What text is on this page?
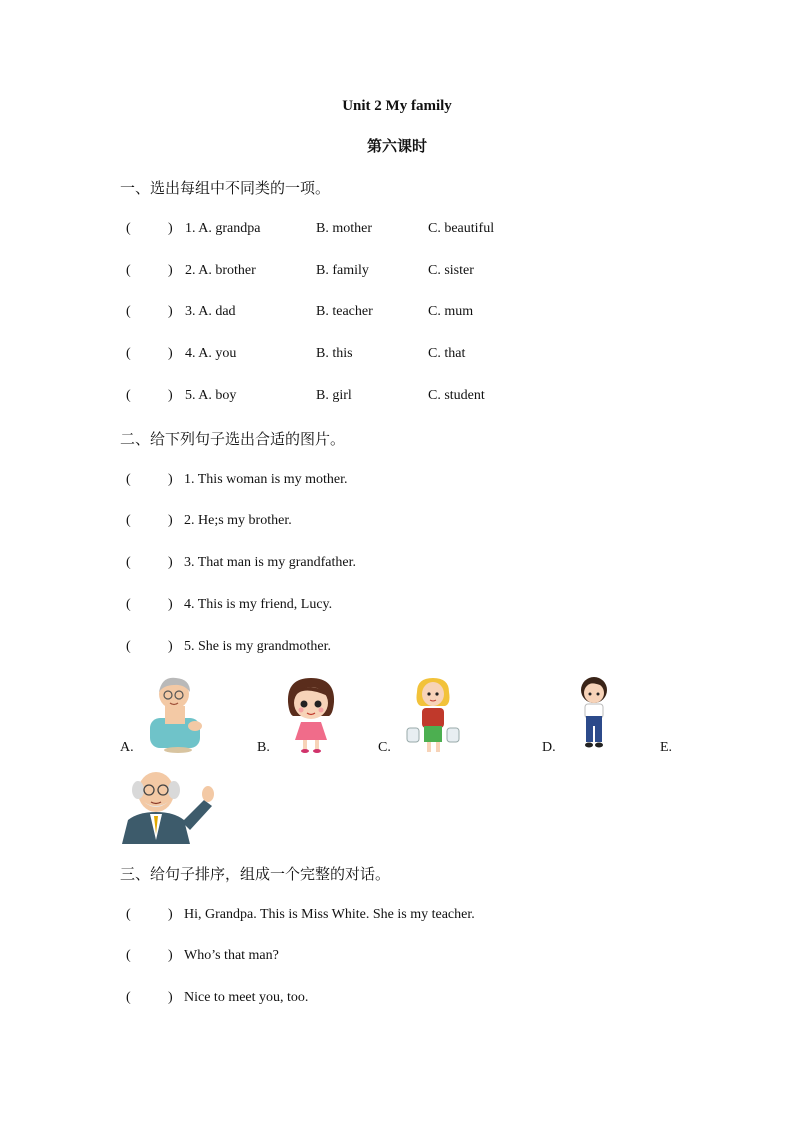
Unit 2 My family
第六课时
一、选出每组中不同类的一项。
(	) 1. A. grandpa	B. mother	C. beautiful
(	) 2. A. brother	B. family	C. sister
(	) 3. A. dad	B. teacher	C. mum
(	) 4. A. you	B. this	C. that
(	) 5. A. boy	B. girl	C. student
二、给下列句子选出合适的图片。
(	) 1. This woman is my mother.
(	) 2. He;s my brother.
(	) 3. That man is my grandfather.
(	) 4. This is my friend, Lucy.
(	) 5. She is my grandmother.
A.	B.	C.	D.	E.
三、给句子排序，组成一个完整的对话。
(	) Hi, Grandpa. This is Miss White. She is my teacher.
(	) Who’s that man?
(	) Nice to meet you, too.
